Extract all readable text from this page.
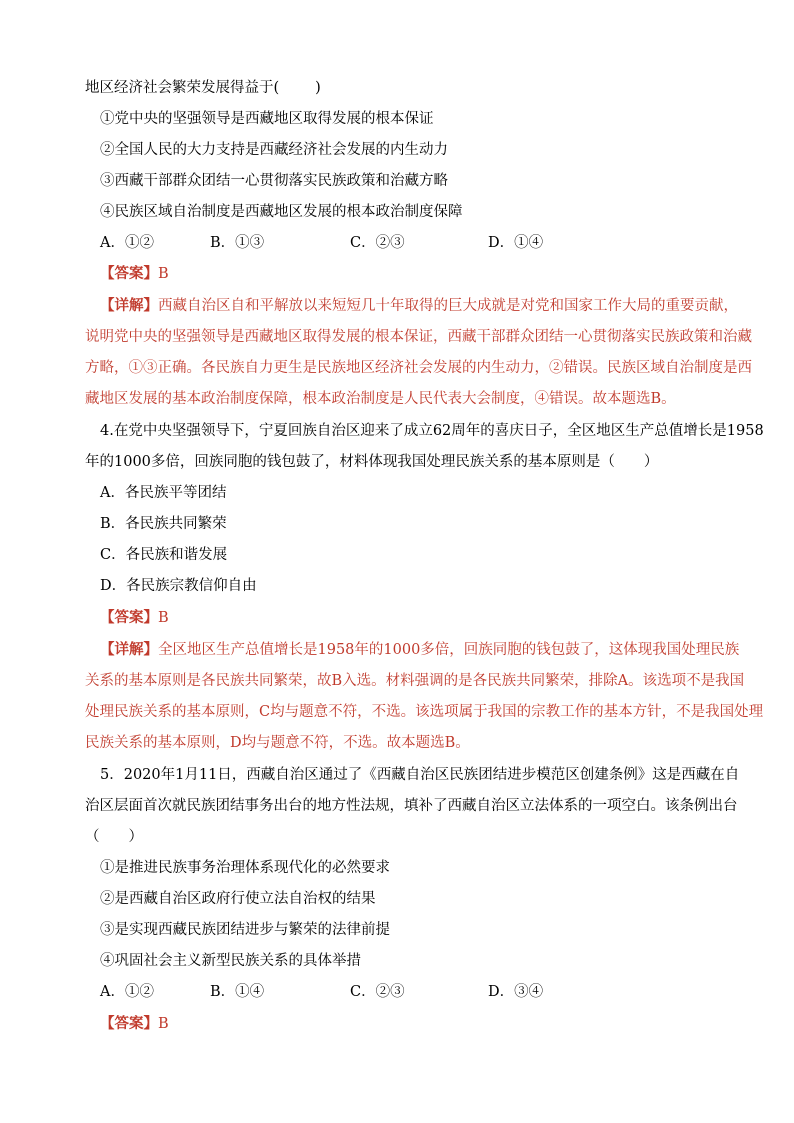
地区经济社会繁荣发展得益于( )
①党中央的坚强领导是西藏地区取得发展的根本保证
②全国人民的大力支持是西藏经济社会发展的内生动力
③西藏干部群众团结一心贯彻落实民族政策和治藏方略
④民族区域自治制度是西藏地区发展的根本政治制度保障
A．①②	B．①③	C．②③	D．①④
【答案】B
【详解】西藏自治区自和平解放以来短短几十年取得的巨大成就是对党和国家工作大局的重要贡献，
说明党中央的坚强领导是西藏地区取得发展的根本保证，西藏干部群众团结一心贯彻落实民族政策和治藏
方略，①③正确。各民族自力更生是民族地区经济社会发展的内生动力，②错误。民族区域自治制度是西
藏地区发展的基本政治制度保障，根本政治制度是人民代表大会制度，④错误。故本题选B。
4.在党中央坚强领导下，宁夏回族自治区迎来了成立62周年的喜庆日子，全区地区生产总值增长是1958
年的1000多倍，回族同胞的钱包鼓了，材料体现我国处理民族关系的基本原则是（　　）
A．各民族平等团结
B．各民族共同繁荣
C．各民族和谐发展
D．各民族宗教信仰自由
【答案】B
【详解】全区地区生产总值增长是1958年的1000多倍，回族同胞的钱包鼓了，这体现我国处理民族
关系的基本原则是各民族共同繁荣，故B入选。材料强调的是各民族共同繁荣，排除A。该选项不是我国
处理民族关系的基本原则，C均与题意不符，不选。该选项属于我国的宗教工作的基本方针，不是我国处理
民族关系的基本原则，D均与题意不符，不选。故本题选B。
5．2020年1月11日，西藏自治区通过了《西藏自治区民族团结进步模范区创建条例》这是西藏在自
治区层面首次就民族团结事务出台的地方性法规，填补了西藏自治区立法体系的一项空白。该条例出台
（　　）
①是推进民族事务治理体系现代化的必然要求
②是西藏自治区政府行使立法自治权的结果
③是实现西藏民族团结进步与繁荣的法律前提
④巩固社会主义新型民族关系的具体举措
A．①②	B．①④	C．②③	D．③④
【答案】B
